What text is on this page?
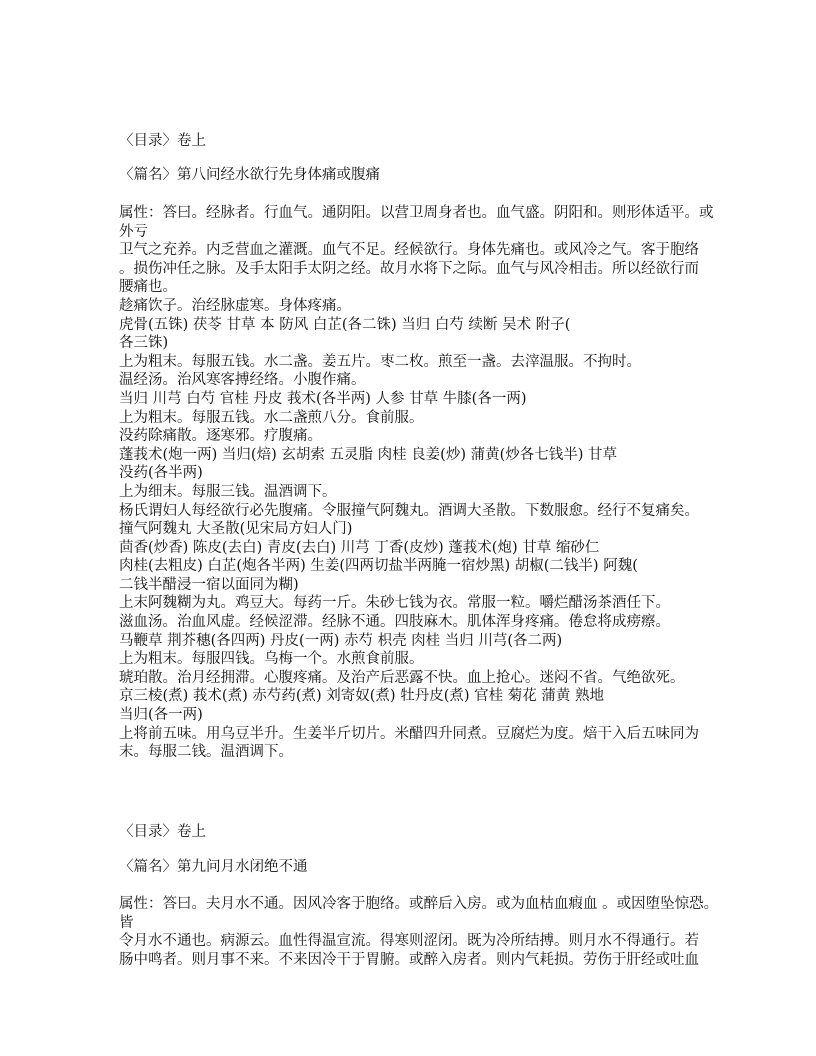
〈目录〉卷上
〈篇名〉第八问经水欲行先身体痛或腹痛
属性：答曰。经脉者。行血气。通阴阳。以营卫周身者也。血气盛。阴阳和。则形体适平。或
外亏
卫气之充养。内乏营血之灌溉。血气不足。经候欲行。身体先痛也。或风冷之气。客于胞络
。损伤冲任之脉。及手太阳手太阴之经。故月水将下之际。血气与风冷相击。所以经欲行而
腰痛也。
趁痛饮子。治经脉虚寒。身体疼痛。
虎骨(五铢) 茯苓 甘草 本 防风 白芷(各二铢) 当归 白芍 续断 吴术 附子(
各三铢)
上为粗末。每服五钱。水二盏。姜五片。枣二枚。煎至一盏。去滓温服。不拘时。
温经汤。治风寒客搏经络。小腹作痛。
当归 川芎 白芍 官桂 丹皮 莪术(各半两) 人参 甘草 牛膝(各一两)
上为粗末。每服五钱。水二盏煎八分。食前服。
没药除痛散。逐寒邪。疗腹痛。
蓬莪术(炮一两) 当归(焙) 玄胡索 五灵脂 肉桂 良姜(炒) 蒲黄(炒各七钱半) 甘草
没药(各半两)
上为细末。每服三钱。温酒调下。
杨氏谓妇人每经欲行必先腹痛。令服撞气阿魏丸。酒调大圣散。下数服愈。经行不复痛矣。
撞气阿魏丸 大圣散(见宋局方妇人门)
茴香(炒香) 陈皮(去白) 青皮(去白) 川芎 丁香(皮炒) 蓬莪术(炮) 甘草 缩砂仁
肉桂(去粗皮) 白芷(炮各半两) 生姜(四两切盐半两腌一宿炒黑) 胡椒(二钱半) 阿魏(
二钱半醋浸一宿以面同为糊)
上末阿魏糊为丸。鸡豆大。每药一斤。朱砂七钱为衣。常服一粒。嚼烂醋汤茶酒任下。
滋血汤。治血风虚。经候涩滞。经脉不通。四肢麻木。肌体浑身疼痛。倦怠将成痨瘵。
马鞭草 荆芥穗(各四两) 丹皮(一两) 赤芍 枳壳 肉桂 当归 川芎(各二两)
上为粗末。每服四钱。乌梅一个。水煎食前服。
琥珀散。治月经拥滞。心腹疼痛。及治产后恶露不快。血上抢心。迷闷不省。气绝欲死。
京三棱(煮) 莪术(煮) 赤芍药(煮) 刘寄奴(煮) 牡丹皮(煮) 官桂 菊花 蒲黄 熟地
当归(各一两)
上将前五味。用乌豆半升。生姜半斤切片。米醋四升同煮。豆腐烂为度。焙干入后五味同为
末。每服二钱。温酒调下。
〈目录〉卷上
〈篇名〉第九问月水闭绝不通
属性：答曰。夫月水不通。因风冷客于胞络。或醉后入房。或为血枯血瘕血 。或因堕坠惊恐。
皆
令月水不通也。病源云。血性得温宣流。得寒则涩闭。既为冷所结搏。则月水不得通行。若
肠中鸣者。则月事不来。不来因冷干于胃腑。或醉入房者。则内气耗损。劳伤于肝经或吐血
